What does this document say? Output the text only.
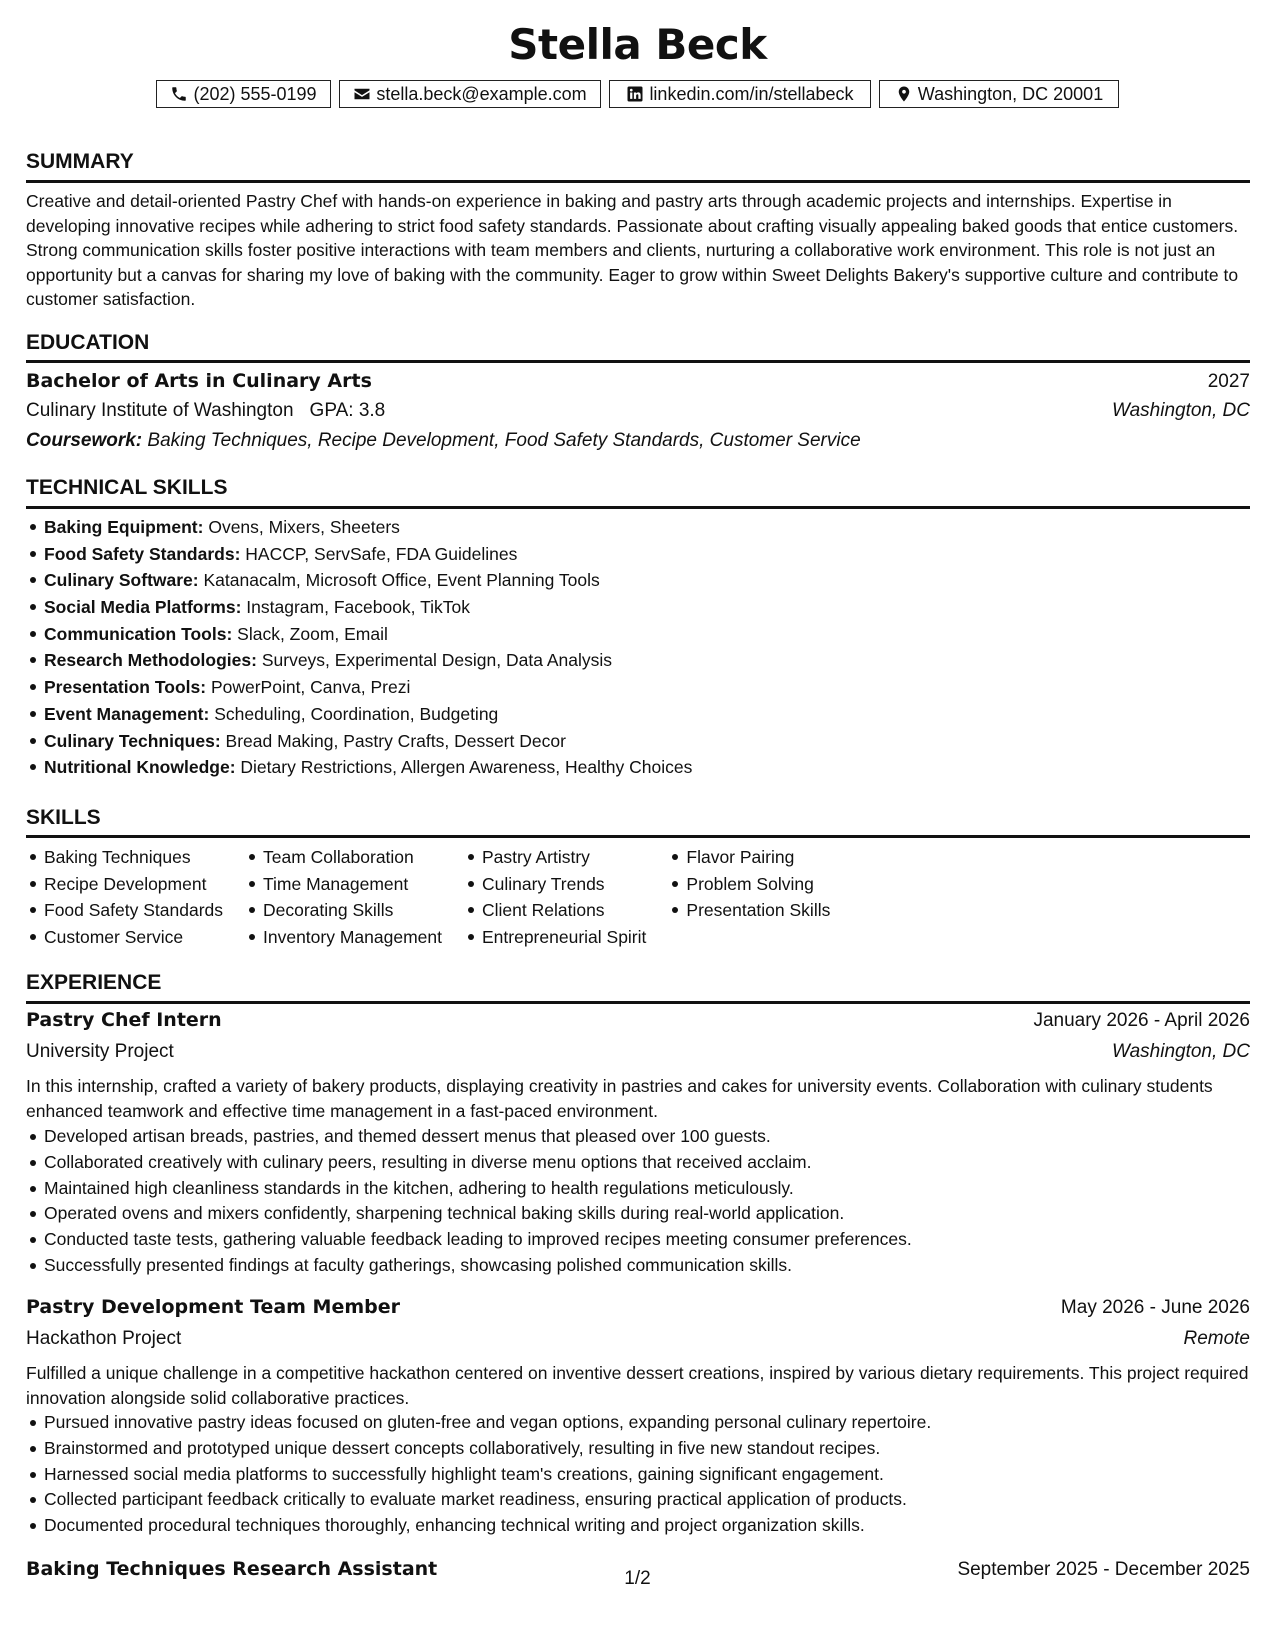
Stella Beck
(202) 555-0199	stella.beck@example.com	linkedin.com/in/stellabeck	Washington, DC 20001
SUMMARY

Creative and detail-oriented Pastry Chef with hands-on experience in baking and pastry arts through academic projects and internships. Expertise in developing innovative recipes while adhering to strict food safety standards. Passionate about crafting visually appealing baked goods that entice customers. Strong communication skills foster positive interactions with team members and clients, nurturing a collaborative work environment. This role is not just an opportunity but a canvas for sharing my love of baking with the community. Eager to grow within Sweet Delights Bakery's supportive culture and contribute to customer satisfaction.

EDUCATION
Bachelor of Arts in Culinary Arts	2027
Culinary Institute of Washington GPA: 3.8	Washington, DC
Coursework: Baking Techniques, Recipe Development, Food Safety Standards, Customer Service
TECHNICAL SKILLS
Baking Equipment: Ovens, Mixers, Sheeters
Food Safety Standards: HACCP, ServSafe, FDA Guidelines
Culinary Software: Katanacalm, Microsoft Office, Event Planning Tools
Social Media Platforms: Instagram, Facebook, TikTok
Communication Tools: Slack, Zoom, Email
Research Methodologies: Surveys, Experimental Design, Data Analysis
Presentation Tools: PowerPoint, Canva, Prezi
Event Management: Scheduling, Coordination, Budgeting
Culinary Techniques: Bread Making, Pastry Crafts, Dessert Decor
Nutritional Knowledge: Dietary Restrictions, Allergen Awareness, Healthy Choices
SKILLS
Baking Techniques
Recipe Development
Food Safety Standards
Customer Service
Team Collaboration
Time Management
Decorating Skills
Inventory Management
Pastry Artistry
Culinary Trends
Client Relations
Entrepreneurial Spirit
Flavor Pairing
Problem Solving
Presentation Skills
EXPERIENCE
Pastry Chef Intern	January 2026 - April 2026
University Project	Washington, DC

In this internship, crafted a variety of bakery products, displaying creativity in pastries and cakes for university events. Collaboration with culinary students enhanced teamwork and effective time management in a fast-paced environment.

Developed artisan breads, pastries, and themed dessert menus that pleased over 100 guests.
Collaborated creatively with culinary peers, resulting in diverse menu options that received acclaim.
Maintained high cleanliness standards in the kitchen, adhering to health regulations meticulously.
Operated ovens and mixers confidently, sharpening technical baking skills during real-world application.
Conducted taste tests, gathering valuable feedback leading to improved recipes meeting consumer preferences.
Successfully presented findings at faculty gatherings, showcasing polished communication skills.
Pastry Development Team Member	May 2026 - June 2026
Hackathon Project	Remote

Fulfilled a unique challenge in a competitive hackathon centered on inventive dessert creations, inspired by various dietary requirements. This project required innovation alongside solid collaborative practices.

Pursued innovative pastry ideas focused on gluten-free and vegan options, expanding personal culinary repertoire.
Brainstormed and prototyped unique dessert concepts collaboratively, resulting in five new standout recipes.
Harnessed social media platforms to successfully highlight team's creations, gaining significant engagement.
Collected participant feedback critically to evaluate market readiness, ensuring practical application of products.
Documented procedural techniques thoroughly, enhancing technical writing and project organization skills.
Baking Techniques Research Assistant	September 2025 - December 2025
1/2
